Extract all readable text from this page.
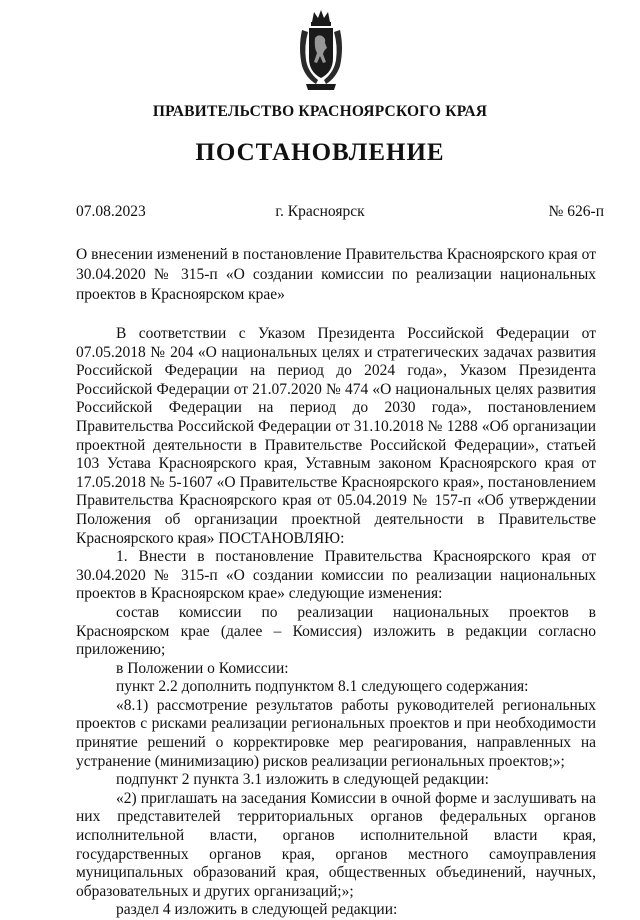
ПРАВИТЕЛЬСТВО КРАСНОЯРСКОГО КРАЯ
ПОСТАНОВЛЕНИЕ
07.08.2023	г. Красноярск	№ 626-п
О внесении изменений в постановление Правительства Красноярского края от 30.04.2020 № 315-п «О создании комиссии по реализации национальных проектов в Красноярском крае»

В соответствии с Указом Президента Российской Федерации от 07.05.2018 № 204 «О национальных целях и стратегических задачах развития Российской Федерации на период до 2024 года», Указом Президента Российской Федерации от 21.07.2020 № 474 «О национальных целях развития Российской Федерации на период до 2030 года», постановлением Правительства Российской Федерации от 31.10.2018 № 1288 «Об организации проектной деятельности в Правительстве Российской Федерации», статьей 103 Устава Красноярского края, Уставным законом Красноярского края от 17.05.2018 № 5-1607 «О Правительстве Красноярского края», постановлением Правительства Красноярского края от 05.04.2019 № 157-п «Об утверждении Положения об организации проектной деятельности в Правительстве Красноярского края» ПОСТАНОВЛЯЮ:

1. Внести в постановление Правительства Красноярского края от 30.04.2020 № 315-п «О создании комиссии по реализации национальных проектов в Красноярском крае» следующие изменения:

состав комиссии по реализации национальных проектов в Красноярском крае (далее – Комиссия) изложить в редакции согласно приложению;

в Положении о Комиссии:

пункт 2.2 дополнить подпунктом 8.1 следующего содержания:

«8.1) рассмотрение результатов работы руководителей региональных проектов с рисками реализации региональных проектов и при необходимости принятие решений о корректировке мер реагирования, направленных на устранение (минимизацию) рисков реализации региональных проектов;»;

подпункт 2 пункта 3.1 изложить в следующей редакции:

«2) приглашать на заседания Комиссии в очной форме и заслушивать на них представителей территориальных органов федеральных органов исполнительной власти, органов исполнительной власти края, государственных органов края, органов местного самоуправления муниципальных образований края, общественных объединений, научных, образовательных и других организаций;»;

раздел 4 изложить в следующей редакции:
